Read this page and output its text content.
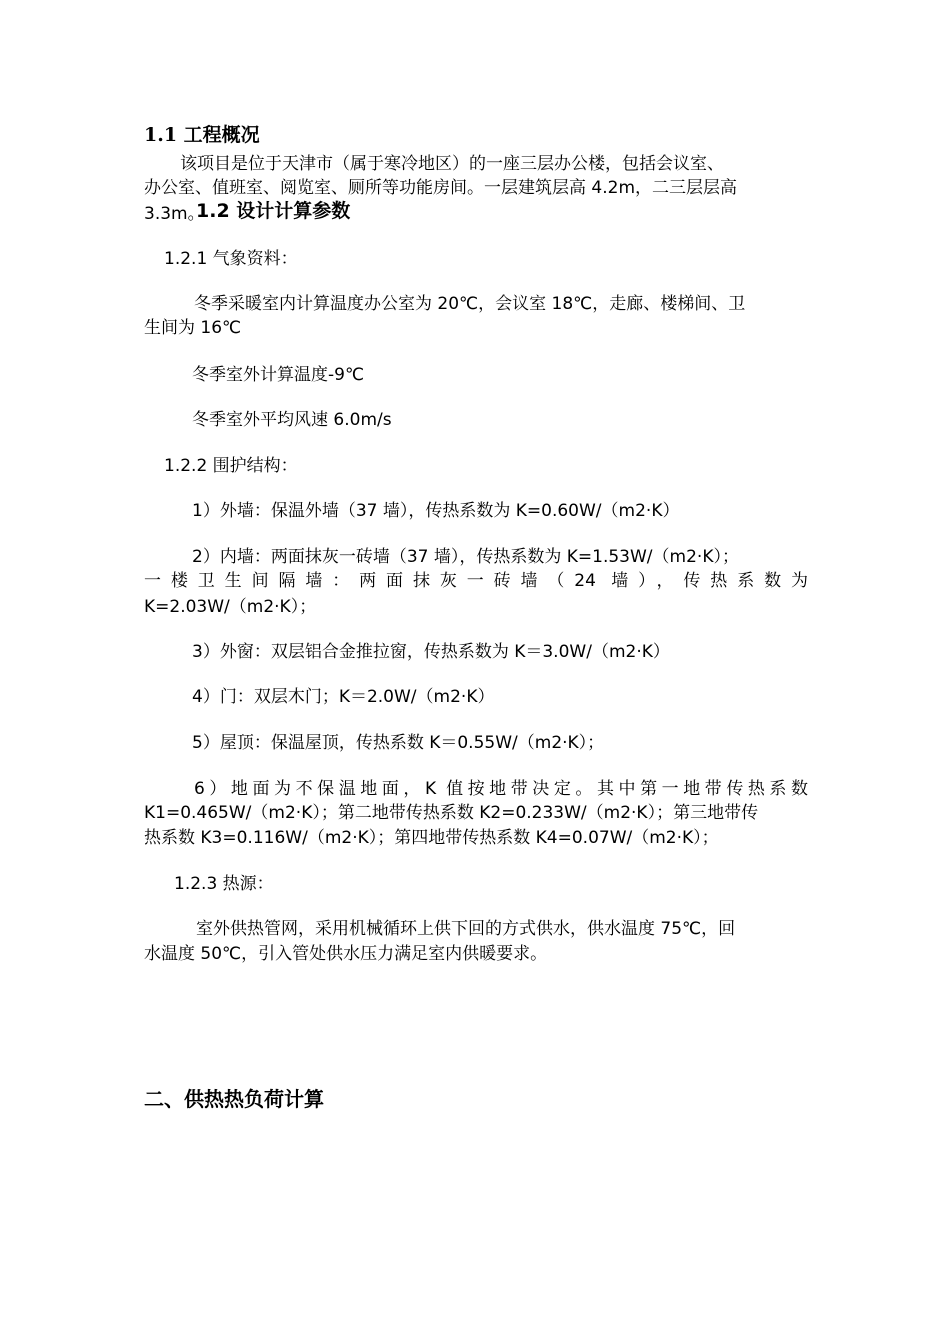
1.1 工程概况
该项目是位于天津市（属于寒冷地区）的一座三层办公楼，包括会议室、
办公室、值班室、阅览室、厕所等功能房间。一层建筑层高 4.2m，二三层层高
3.3m。
1.2 设计计算参数
1.2.1 气象资料：
冬季采暖室内计算温度办公室为 20℃，会议室 18℃，走廊、楼梯间、卫
生间为 16℃
冬季室外计算温度-9℃
冬季室外平均风速 6.0m/s
1.2.2 围护结构：
1）外墙：保温外墙（37 墙），传热系数为 K=0.60W/（m2·K）
2）内墙：两面抹灰一砖墙（37 墙），传热系数为 K=1.53W/（m2·K）；
一楼卫生间隔墙：两面抹灰一砖墙（24 墙），传热系数为
K=2.03W/（m2·K）；
3）外窗：双层铝合金推拉窗，传热系数为 K＝3.0W/（m2·K）
4）门：双层木门；K＝2.0W/（m2·K）
5）屋顶：保温屋顶，传热系数 K＝0.55W/（m2·K）；
6）地面为不保温地面，K 值按地带决定。其中第一地带传热系数
K1=0.465W/（m2·K）；第二地带传热系数 K2=0.233W/（m2·K）；第三地带传
热系数 K3=0.116W/（m2·K）；第四地带传热系数 K4=0.07W/（m2·K）；
1.2.3 热源：
室外供热管网，采用机械循环上供下回的方式供水，供水温度 75℃，回
水温度 50℃，引入管处供水压力满足室内供暖要求。
二、供热热负荷计算
